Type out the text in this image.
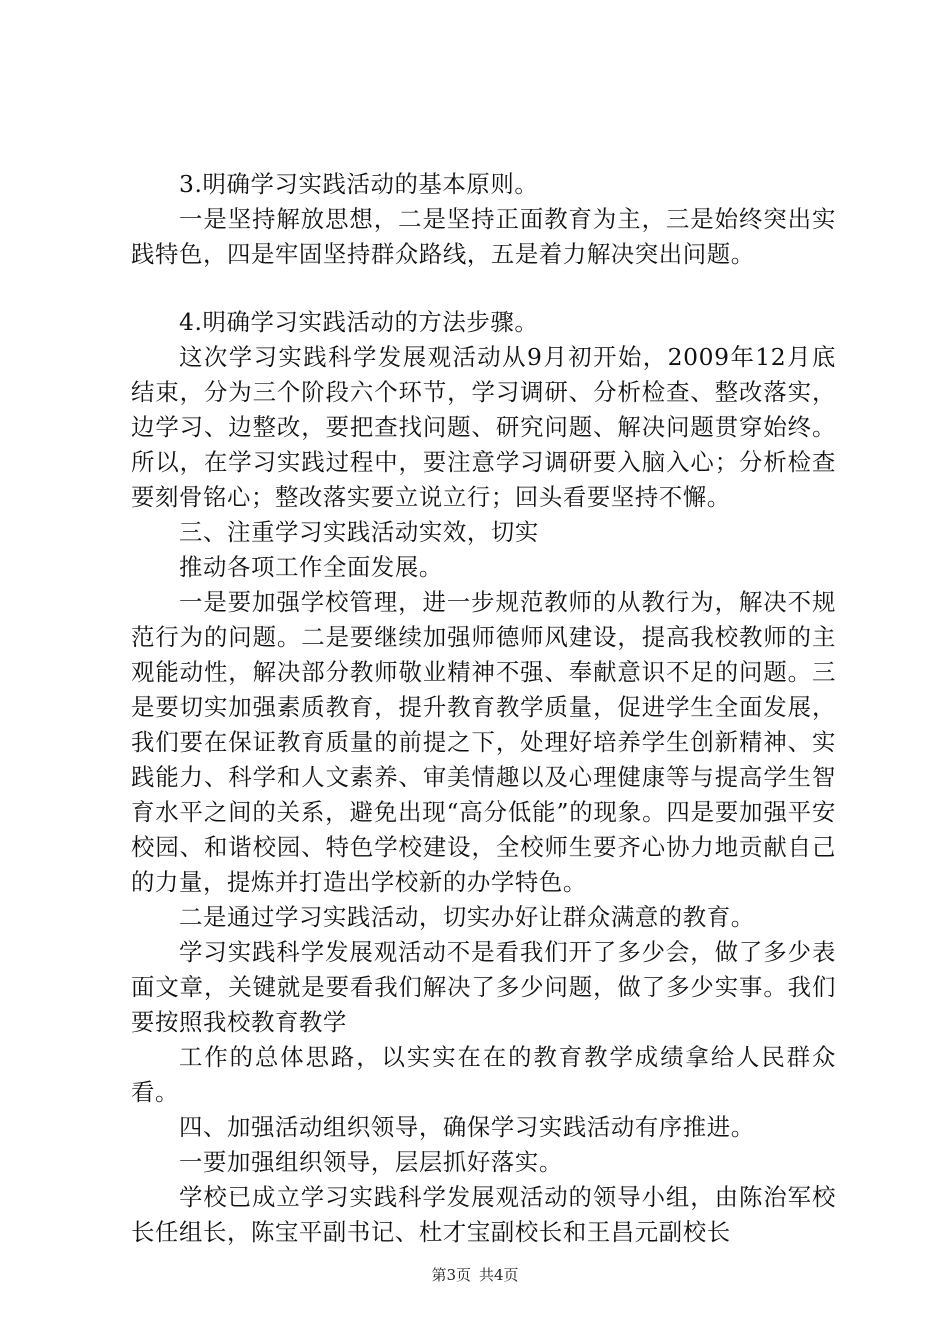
3.明确学习实践活动的基本原则。

一是坚持解放思想，二是坚持正面教育为主，三是始终突出实践特色，四是牢固坚持群众路线，五是着力解决突出问题。

4.明确学习实践活动的方法步骤。

这次学习实践科学发展观活动从9月初开始，2009年12月底结束，分为三个阶段六个环节，学习调研、分析检查、整改落实，边学习、边整改，要把查找问题、研究问题、解决问题贯穿始终。所以，在学习实践过程中，要注意学习调研要入脑入心；分析检查要刻骨铭心；整改落实要立说立行；回头看要坚持不懈。

三、注重学习实践活动实效，切实

推动各项工作全面发展。

一是要加强学校管理，进一步规范教师的从教行为，解决不规范行为的问题。二是要继续加强师德师风建设，提高我校教师的主观能动性，解决部分教师敬业精神不强、奉献意识不足的问题。三是要切实加强素质教育，提升教育教学质量，促进学生全面发展，我们要在保证教育质量的前提之下，处理好培养学生创新精神、实践能力、科学和人文素养、审美情趣以及心理健康等与提高学生智育水平之间的关系，避免出现“高分低能”的现象。四是要加强平安校园、和谐校园、特色学校建设，全校师生要齐心协力地贡献自己的力量，提炼并打造出学校新的办学特色。

二是通过学习实践活动，切实办好让群众满意的教育。

学习实践科学发展观活动不是看我们开了多少会，做了多少表面文章，关键就是要看我们解决了多少问题，做了多少实事。我们要按照我校教育教学

工作的总体思路，以实实在在的教育教学成绩拿给人民群众看。

四、加强活动组织领导，确保学习实践活动有序推进。

一要加强组织领导，层层抓好落实。

学校已成立学习实践科学发展观活动的领导小组，由陈治军校长任组长，陈宝平副书记、杜才宝副校长和王昌元副校长

第3页 共4页
